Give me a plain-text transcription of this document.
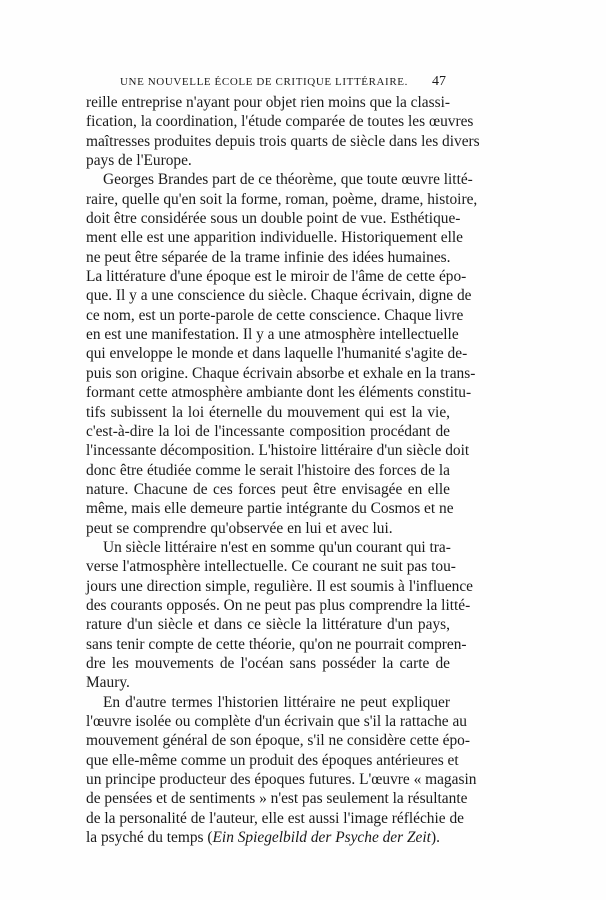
UNE NOUVELLE ÉCOLE DE CRITIQUE LITTÉRAIRE. 47
reille entreprise n'ayant pour objet rien moins que la classi-
fication, la coordination, l'étude comparée de toutes les œuvres
maîtresses produites depuis trois quarts de siècle dans les divers
pays de l'Europe.
Georges Brandes part de ce théorème, que toute œuvre litté-
raire, quelle qu'en soit la forme, roman, poème, drame, histoire,
doit être considérée sous un double point de vue. Esthétique-
ment elle est une apparition individuelle. Historiquement elle
ne peut être séparée de la trame infinie des idées humaines.
La littérature d'une époque est le miroir de l'âme de cette épo-
que. Il y a une conscience du siècle. Chaque écrivain, digne de
ce nom, est un porte-parole de cette conscience. Chaque livre
en est une manifestation. Il y a une atmosphère intellectuelle
qui enveloppe le monde et dans laquelle l'humanité s'agite de-
puis son origine. Chaque écrivain absorbe et exhale en la trans-
formant cette atmosphère ambiante dont les éléments constitu-
tifs subissent la loi éternelle du mouvement qui est la vie,
c'est-à-dire la loi de l'incessante composition procédant de
l'incessante décomposition. L'histoire littéraire d'un siècle doit
donc être étudiée comme le serait l'histoire des forces de la
nature. Chacune de ces forces peut être envisagée en elle
même, mais elle demeure partie intégrante du Cosmos et ne
peut se comprendre qu'observée en lui et avec lui.
Un siècle littéraire n'est en somme qu'un courant qui tra-
verse l'atmosphère intellectuelle. Ce courant ne suit pas tou-
jours une direction simple, regulière. Il est soumis à l'influence
des courants opposés. On ne peut pas plus comprendre la litté-
rature d'un siècle et dans ce siècle la littérature d'un pays,
sans tenir compte de cette théorie, qu'on ne pourrait compren-
dre les mouvements de l'océan sans posséder la carte de
Maury.
En d'autre termes l'historien littéraire ne peut expliquer
l'œuvre isolée ou complète d'un écrivain que s'il la rattache au
mouvement général de son époque, s'il ne considère cette épo-
que elle-même comme un produit des époques antérieures et
un principe producteur des époques futures. L'œuvre « magasin
de pensées et de sentiments » n'est pas seulement la résultante
de la personalité de l'auteur, elle est aussi l'image réfléchie de
la psyché du temps (Ein Spiegelbild der Psyche der Zeit).
